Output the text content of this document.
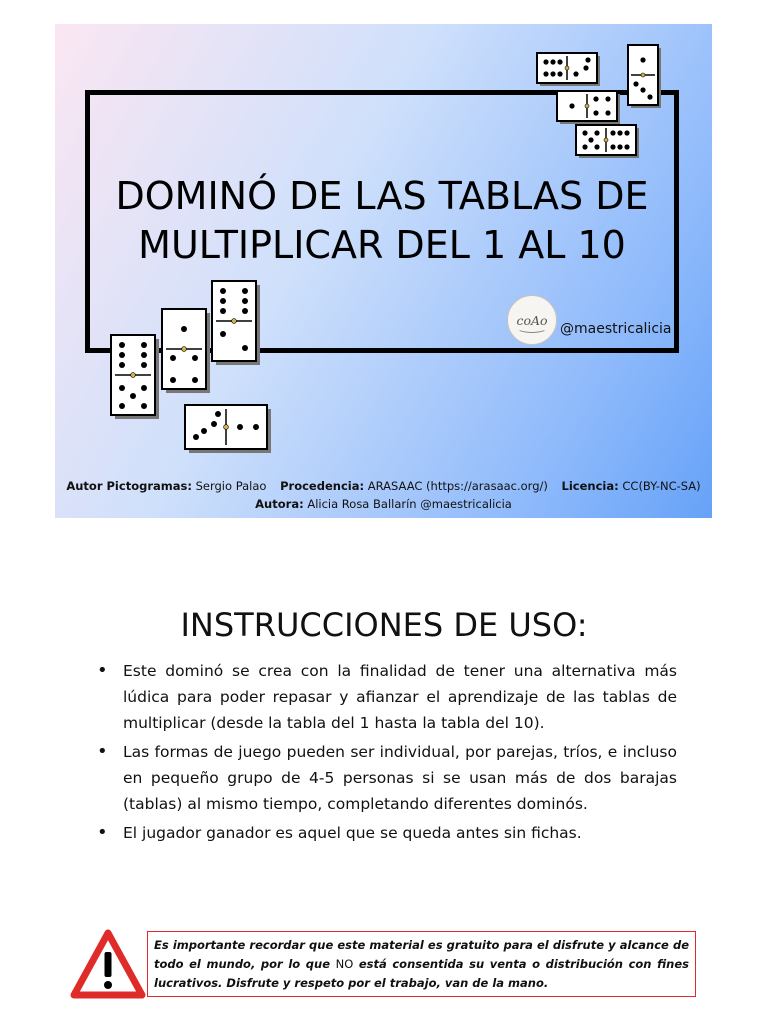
DOMINÓ DE LAS TABLAS DE
MULTIPLICAR DEL 1 AL 10
coAo
@maestricalicia
Autor Pictogramas: Sergio Palao Procedencia: ARASAAC (https://arasaac.org/) Licencia: CC(BY-NC-SA)
Autora: Alicia Rosa Ballarín @maestricalicia
INSTRUCCIONES DE USO:
• Este dominó se crea con la finalidad de tener una alternativa más lúdica para poder repasar y afianzar el aprendizaje de las tablas de multiplicar (desde la tabla del 1 hasta la tabla del 10).
• Las formas de juego pueden ser individual, por parejas, tríos, e incluso en pequeño grupo de 4-5 personas si se usan más de dos barajas (tablas) al mismo tiempo, completando diferentes dominós.
• El jugador ganador es aquel que se queda antes sin fichas.
Es importante recordar que este material es gratuito para el disfrute y alcance de todo el mundo, por lo que NO está consentida su venta o distribución con fines lucrativos. Disfrute y respeto por el trabajo, van de la mano.
